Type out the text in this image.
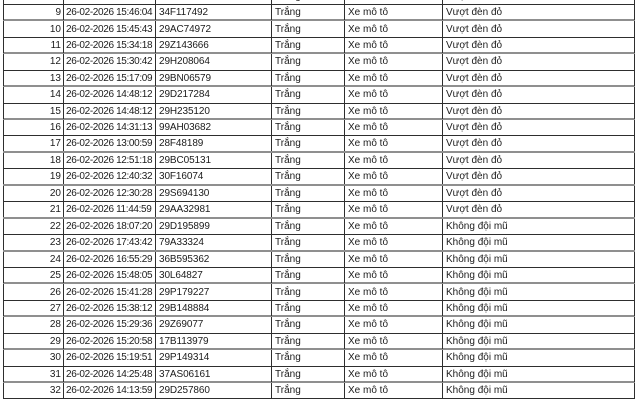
9 26-02-2026 15:46:04 34F117492	Trắng	Xe mô tô	Vượt đèn đỏ
10 26-02-2026 15:45:43 29AC74972	Trắng	Xe mô tô	Vượt đèn đỏ
11 26-02-2026 15:34:18 29Z143666	Trắng	Xe mô tô	Vượt đèn đỏ
12 26-02-2026 15:30:42 29H208064	Trắng	Xe mô tô	Vượt đèn đỏ
13 26-02-2026 15:17:09 29BN06579	Trắng	Xe mô tô	Vượt đèn đỏ
14 26-02-2026 14:48:12 29D217284	Trắng	Xe mô tô	Vượt đèn đỏ
15 26-02-2026 14:48:12 29H235120	Trắng	Xe mô tô	Vượt đèn đỏ
16 26-02-2026 14:31:13 99AH03682	Trắng	Xe mô tô	Vượt đèn đỏ
17 26-02-2026 13:00:59 28F48189	Trắng	Xe mô tô	Vượt đèn đỏ
18 26-02-2026 12:51:18 29BC05131	Trắng	Xe mô tô	Vượt đèn đỏ
19 26-02-2026 12:40:32 30F16074	Trắng	Xe mô tô	Vượt đèn đỏ
20 26-02-2026 12:30:28 29S694130	Trắng	Xe mô tô	Vượt đèn đỏ
21 26-02-2026 11:44:59 29AA32981	Trắng	Xe mô tô	Vượt đèn đỏ
22 26-02-2026 18:07:20 29D195899	Trắng	Xe mô tô	Không đội mũ
23 26-02-2026 17:43:42 79A33324	Trắng	Xe mô tô	Không đội mũ
24 26-02-2026 16:55:29 36B595362	Trắng	Xe mô tô	Không đội mũ
25 26-02-2026 15:48:05 30L64827	Trắng	Xe mô tô	Không đội mũ
26 26-02-2026 15:41:28 29P179227	Trắng	Xe mô tô	Không đội mũ
27 26-02-2026 15:38:12 29B148884	Trắng	Xe mô tô	Không đội mũ
28 26-02-2026 15:29:36 29Z69077	Trắng	Xe mô tô	Không đội mũ
29 26-02-2026 15:20:58 17B113979	Trắng	Xe mô tô	Không đội mũ
30 26-02-2026 15:19:51 29P149314	Trắng	Xe mô tô	Không đội mũ
31 26-02-2026 14:25:48 37AS06161	Trắng	Xe mô tô	Không đội mũ
32 26-02-2026 14:13:59 29D257860	Trắng	Xe mô tô	Không đội mũ
